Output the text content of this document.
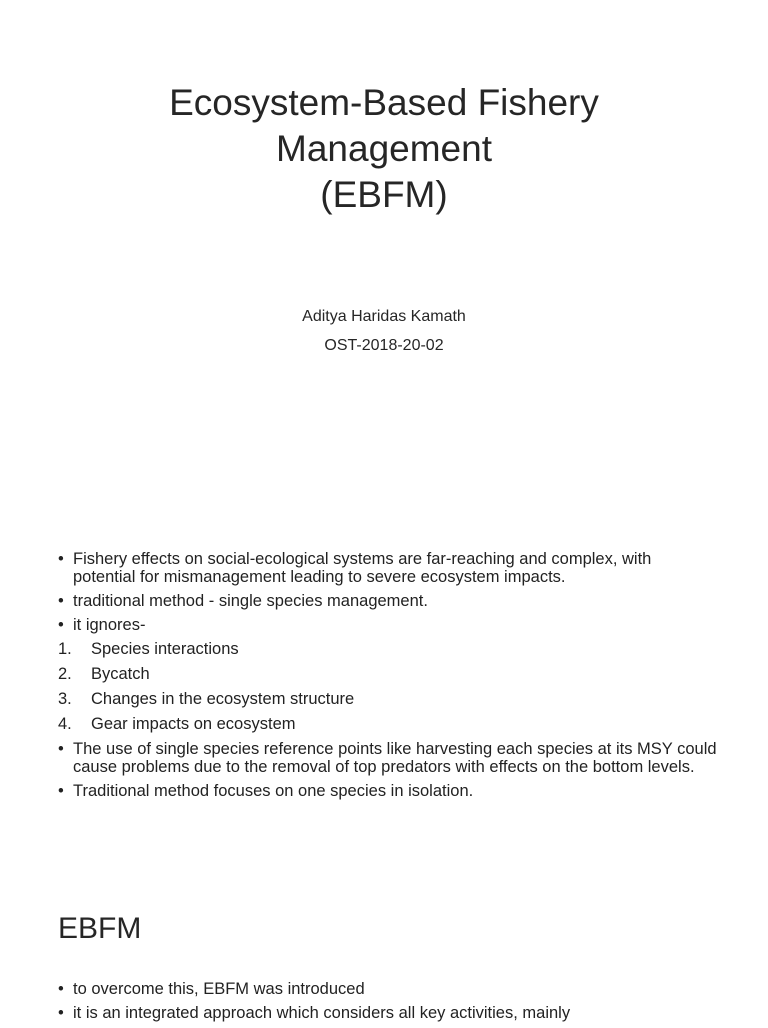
Ecosystem-Based Fishery
Management
(EBFM)
Aditya Haridas Kamath
OST-2018-20-02

• Fishery effects on social-ecological systems are far-reaching and complex, with potential for mismanagement leading to severe ecosystem impacts.

• traditional method - single species management.

• it ignores-

1. Species interactions

2. Bycatch

3. Changes in the ecosystem structure

4. Gear impacts on ecosystem

• The use of single species reference points like harvesting each species at its MSY could cause problems due to the removal of top predators with effects on the bottom levels.

• Traditional method focuses on one species in isolation.

EBFM

• to overcome this, EBFM was introduced

• it is an integrated approach which considers all key activities, mainly
